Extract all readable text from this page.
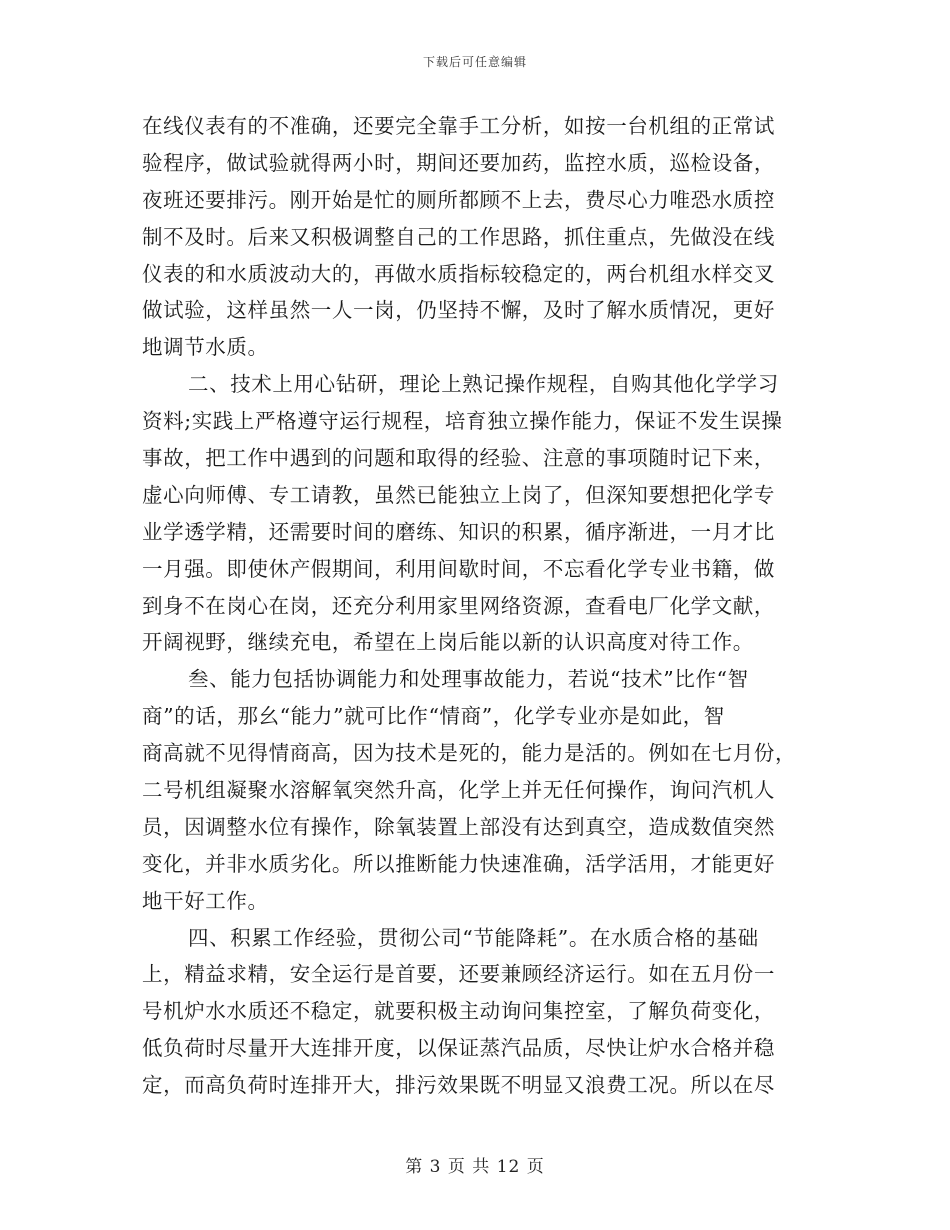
下载后可任意编辑
在线仪表有的不准确，还要完全靠手工分析，如按一台机组的正常试
验程序，做试验就得两小时，期间还要加药，监控水质，巡检设备，
夜班还要排污。刚开始是忙的厕所都顾不上去，费尽心力唯恐水质控
制不及时。后来又积极调整自己的工作思路，抓住重点，先做没在线
仪表的和水质波动大的，再做水质指标较稳定的，两台机组水样交叉
做试验，这样虽然一人一岗，仍坚持不懈，及时了解水质情况，更好
地调节水质。
二、技术上用心钻研，理论上熟记操作规程，自购其他化学学习
资料;实践上严格遵守运行规程，培育独立操作能力，保证不发生误操
事故，把工作中遇到的问题和取得的经验、注意的事项随时记下来，
虚心向师傅、专工请教，虽然已能独立上岗了，但深知要想把化学专
业学透学精，还需要时间的磨练、知识的积累，循序渐进，一月才比
一月强。即使休产假期间，利用间歇时间，不忘看化学专业书籍，做
到身不在岗心在岗，还充分利用家里网络资源，查看电厂化学文献，
开阔视野，继续充电，希望在上岗后能以新的认识高度对待工作。
叁、能力包括协调能力和处理事故能力，若说“技术”比作“智
商”的话，那幺“能力”就可比作“情商”，化学专业亦是如此，智
商高就不见得情商高，因为技术是死的，能力是活的。例如在七月份，
二号机组凝聚水溶解氧突然升高，化学上并无任何操作，询问汽机人
员，因调整水位有操作，除氧装置上部没有达到真空，造成数值突然
变化，并非水质劣化。所以推断能力快速准确，活学活用，才能更好
地干好工作。
四、积累工作经验，贯彻公司“节能降耗”。在水质合格的基础
上，精益求精，安全运行是首要，还要兼顾经济运行。如在五月份一
号机炉水水质还不稳定，就要积极主动询问集控室，了解负荷变化，
低负荷时尽量开大连排开度，以保证蒸汽品质，尽快让炉水合格并稳
定，而高负荷时连排开大，排污效果既不明显又浪费工况。所以在尽
第 3 页 共 12 页
